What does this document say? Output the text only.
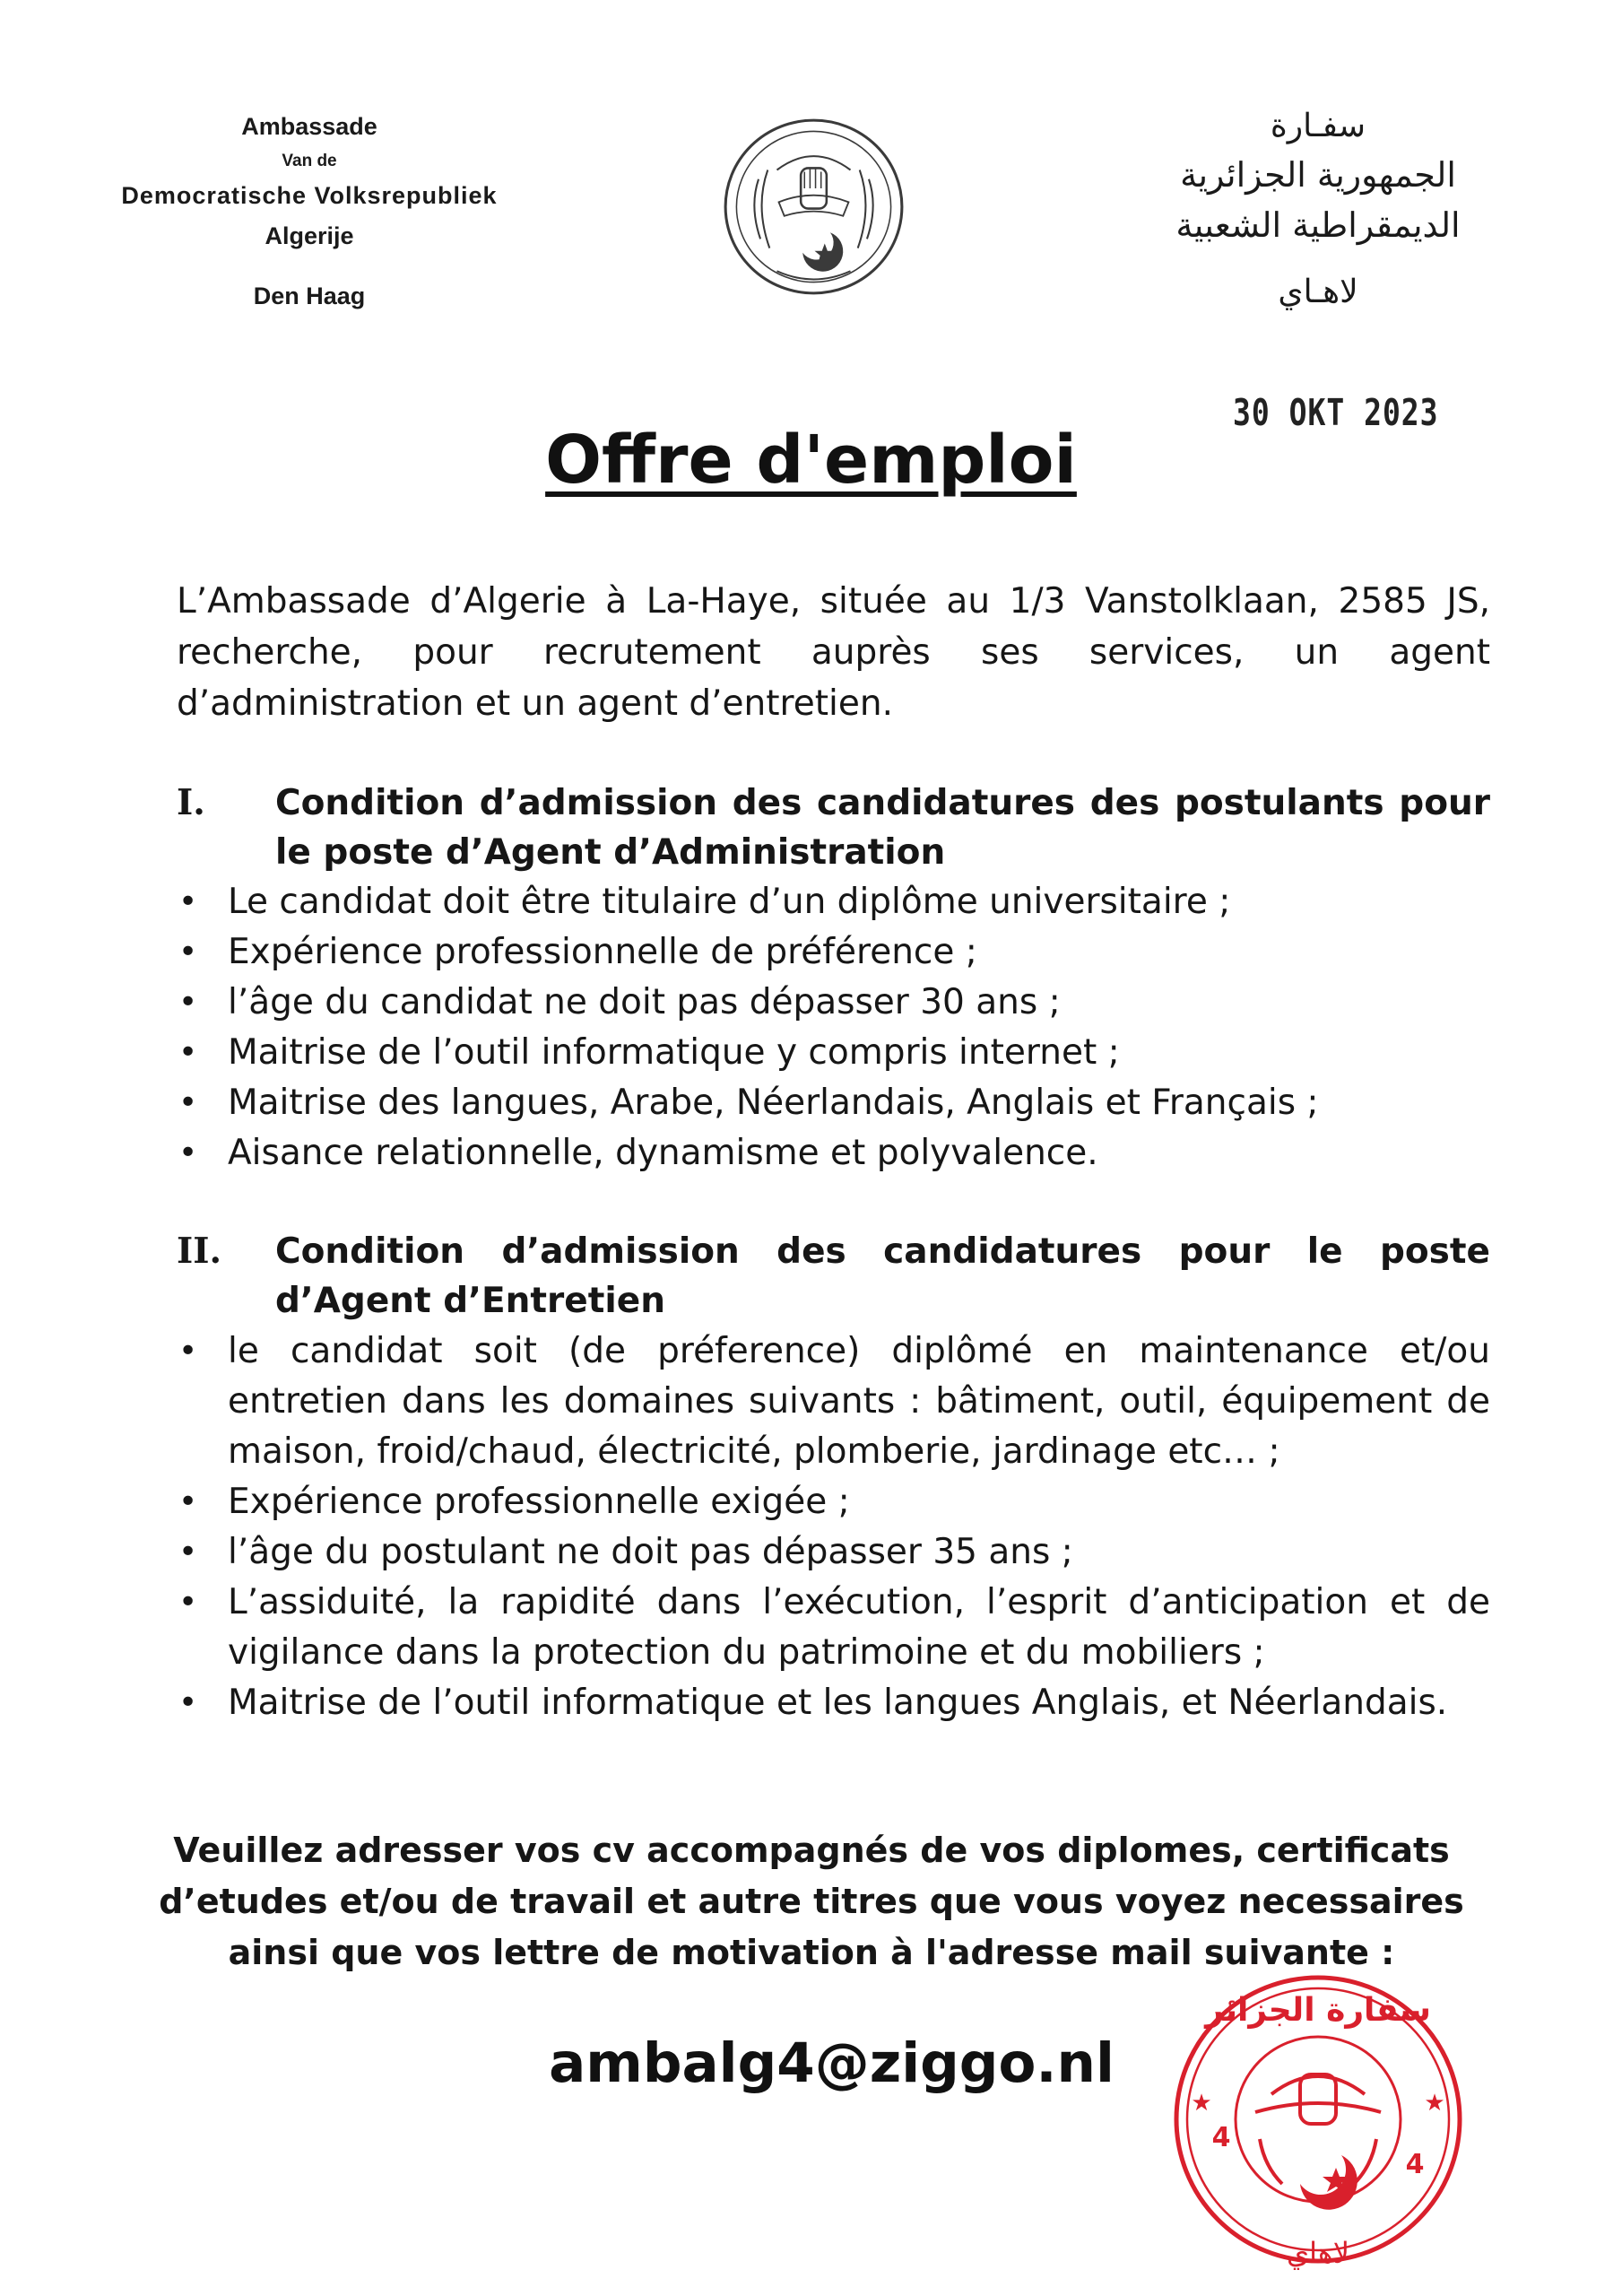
Ambassade
Van de
Democratische Volksrepubliek
Algerije
Den Haag
سفـارة
الجمهورية الجزائرية
الديمقراطية الشعبية
لاهـاي
30 OKT 2023
Offre d'emploi
L’Ambassade d’Algerie à La-Haye, située au 1/3 Vanstolklaan, 2585 JS, recherche, pour recrutement auprès ses services, un agent d’administration et un agent d’entretien.
I. Condition d’admission des candidatures des postulants pour le poste d’Agent d’Administration
• Le candidat doit être titulaire d’un diplôme universitaire ;
• Expérience professionnelle de préférence ;
• l’âge du candidat ne doit pas dépasser 30 ans ;
• Maitrise de l’outil informatique y compris internet ;
• Maitrise des langues, Arabe, Néerlandais, Anglais et Français ;
• Aisance relationnelle, dynamisme et polyvalence.
II. Condition d’admission des candidatures pour le poste d’Agent d’Entretien
• le candidat soit (de préference) diplômé en maintenance et/ou entretien dans les domaines suivants : bâtiment, outil, équipement de maison, froid/chaud, électricité, plomberie, jardinage etc… ;
• Expérience professionnelle exigée ;
• l’âge du postulant ne doit pas dépasser 35 ans ;
• L’assiduité, la rapidité dans l’exécution, l’esprit d’anticipation et de vigilance dans la protection du patrimoine et du mobiliers ;
• Maitrise de l’outil informatique et les langues Anglais, et Néerlandais.
Veuillez adresser vos cv accompagnés de vos diplomes, certificats d’etudes et/ou de travail et autre titres que vous voyez necessaires ainsi que vos lettre de motivation à l'adresse mail suivante :
ambalg4@ziggo.nl
سفارة الجزائر
4
4
★	★
لاهاي
